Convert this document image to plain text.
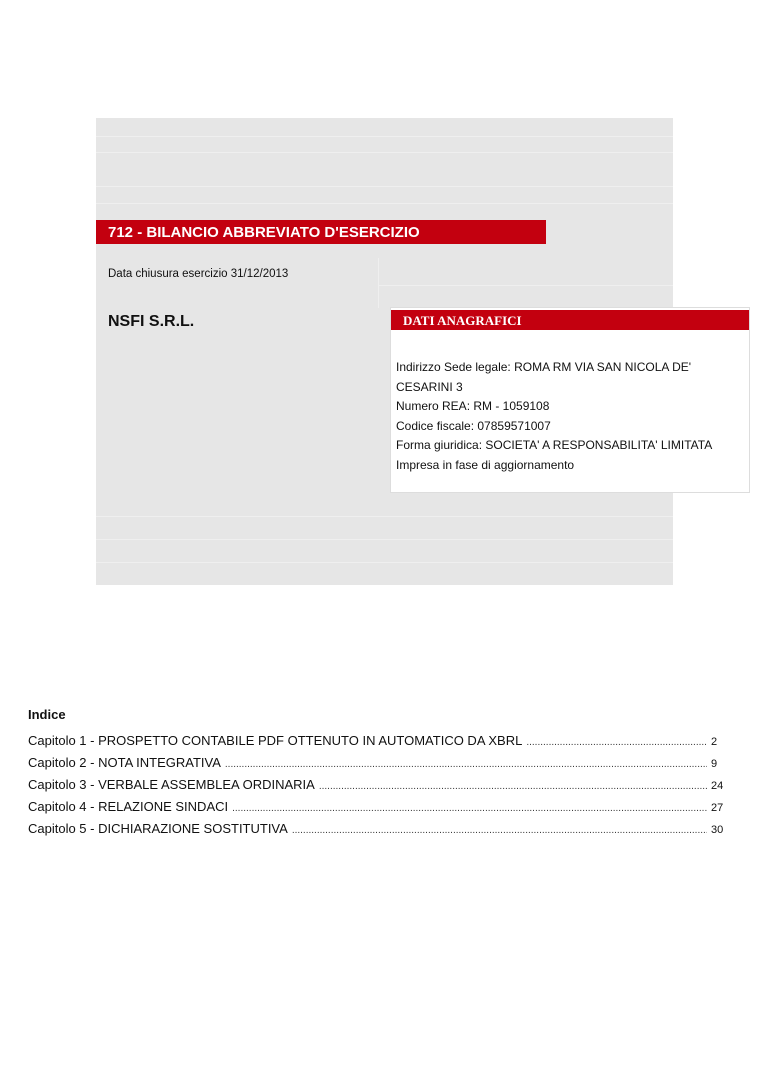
712 - BILANCIO ABBREVIATO D'ESERCIZIO
Data chiusura esercizio 31/12/2013
NSFI S.R.L.	DATI ANAGRAFICI
Indirizzo Sede legale: ROMA RM VIA SAN NICOLA DE'
CESARINI 3
Numero REA: RM - 1059108
Codice fiscale: 07859571007
Forma giuridica: SOCIETA' A RESPONSABILITA' LIMITATA
Impresa in fase di aggiornamento
Indice
Capitolo 1 - PROSPETTO CONTABILE PDF OTTENUTO IN AUTOMATICO DA XBRL .....	2
Capitolo 2 - NOTA INTEGRATIVA .....	9
Capitolo 3 - VERBALE ASSEMBLEA ORDINARIA .....	24
Capitolo 4 - RELAZIONE SINDACI .....	27
Capitolo 5 - DICHIARAZIONE SOSTITUTIVA .....	30
